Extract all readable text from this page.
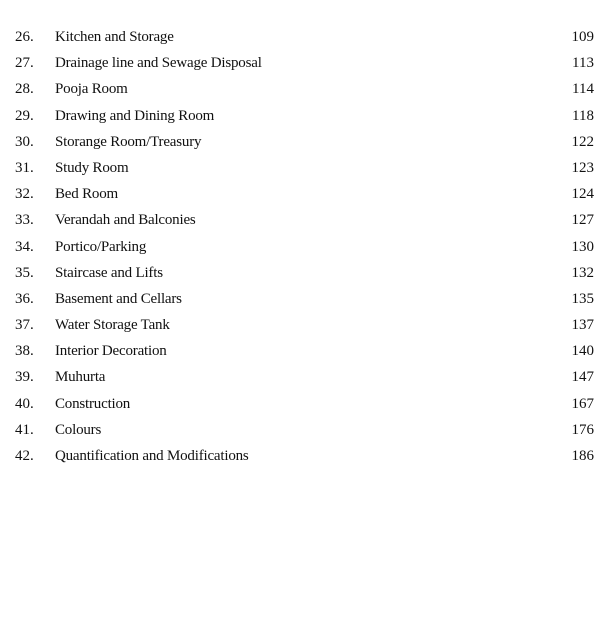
26.	Kitchen and Storage	109
27.	Drainage line and Sewage Disposal	113
28.	Pooja Room	114
29.	Drawing and Dining Room	118
30.	Storange Room/Treasury	122
31.	Study Room	123
32.	Bed Room	124
33.	Verandah and Balconies	127
34.	Portico/Parking	130
35.	Staircase and Lifts	132
36.	Basement and Cellars	135
37.	Water Storage Tank	137
38.	Interior Decoration	140
39.	Muhurta	147
40.	Construction	167
41.	Colours	176
42.	Quantification and Modifications	186
